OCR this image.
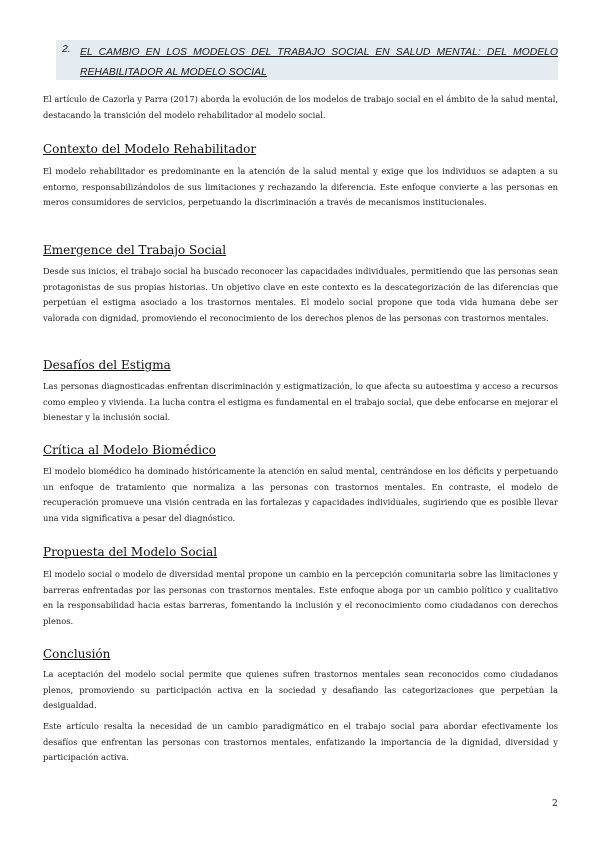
2. EL CAMBIO EN LOS MODELOS DEL TRABAJO SOCIAL EN SALUD MENTAL: DEL MODELO REHABILITADOR AL MODELO SOCIAL

El artículo de Cazorla y Parra (2017) aborda la evolución de los modelos de trabajo social en el ámbito de la salud mental, destacando la transición del modelo rehabilitador al modelo social.

Contexto del Modelo Rehabilitador

El modelo rehabilitador es predominante en la atención de la salud mental y exige que los individuos se adapten a su entorno, responsabilizándolos de sus limitaciones y rechazando la diferencia. Este enfoque convierte a las personas en meros consumidores de servicios, perpetuando la discriminación a través de mecanismos institucionales.

Emergence del Trabajo Social

Desde sus inicios, el trabajo social ha buscado reconocer las capacidades individuales, permitiendo que las personas sean protagonistas de sus propias historias. Un objetivo clave en este contexto es la descategorización de las diferencias que perpetúan el estigma asociado a los trastornos mentales. El modelo social propone que toda vida humana debe ser valorada con dignidad, promoviendo el reconocimiento de los derechos plenos de las personas con trastornos mentales.

Desafíos del Estigma

Las personas diagnosticadas enfrentan discriminación y estigmatización, lo que afecta su autoestima y acceso a recursos como empleo y vivienda. La lucha contra el estigma es fundamental en el trabajo social, que debe enfocarse en mejorar el bienestar y la inclusión social.

Crítica al Modelo Biomédico

El modelo biomédico ha dominado históricamente la atención en salud mental, centrándose en los déficits y perpetuando un enfoque de tratamiento que normaliza a las personas con trastornos mentales. En contraste, el modelo de recuperación promueve una visión centrada en las fortalezas y capacidades individuales, sugiriendo que es posible llevar una vida significativa a pesar del diagnóstico.

Propuesta del Modelo Social

El modelo social o modelo de diversidad mental propone un cambio en la percepción comunitaria sobre las limitaciones y barreras enfrentadas por las personas con trastornos mentales. Este enfoque aboga por un cambio político y cualitativo en la responsabilidad hacia estas barreras, fomentando la inclusión y el reconocimiento como ciudadanos con derechos plenos.

Conclusión

La aceptación del modelo social permite que quienes sufren trastornos mentales sean reconocidos como ciudadanos plenos, promoviendo su participación activa en la sociedad y desafiando las categorizaciones que perpetúan la desigualdad.

Este artículo resalta la necesidad de un cambio paradigmático en el trabajo social para abordar efectivamente los desafíos que enfrentan las personas con trastornos mentales, enfatizando la importancia de la dignidad, diversidad y participación activa.

2
